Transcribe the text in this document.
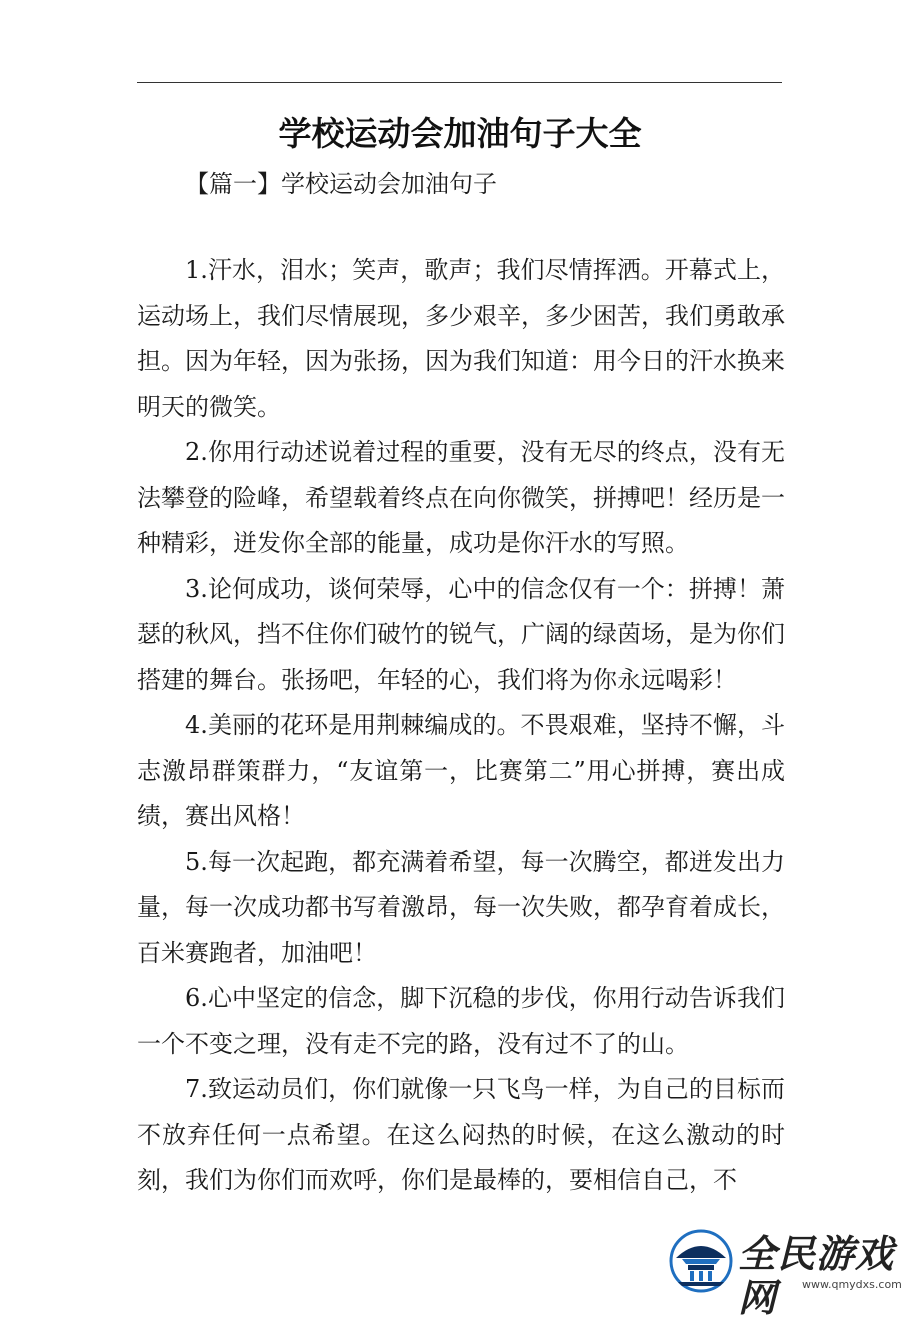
学校运动会加油句子大全

【篇一】学校运动会加油句子

1.汗水，泪水；笑声，歌声；我们尽情挥洒。开幕式上，运动场上，我们尽情展现，多少艰辛，多少困苦，我们勇敢承担。因为年轻，因为张扬，因为我们知道：用今日的汗水换来明天的微笑。

2.你用行动述说着过程的重要，没有无尽的终点，没有无法攀登的险峰，希望载着终点在向你微笑，拼搏吧！经历是一种精彩，迸发你全部的能量，成功是你汗水的写照。

3.论何成功，谈何荣辱，心中的信念仅有一个：拼搏！萧瑟的秋风，挡不住你们破竹的锐气，广阔的绿茵场，是为你们搭建的舞台。张扬吧，年轻的心，我们将为你永远喝彩！

4.美丽的花环是用荆棘编成的。不畏艰难，坚持不懈，斗志激昂群策群力，“友谊第一，比赛第二”用心拼搏，赛出成绩，赛出风格！

5.每一次起跑，都充满着希望，每一次腾空，都迸发出力量，每一次成功都书写着激昂，每一次失败，都孕育着成长，百米赛跑者，加油吧！

6.心中坚定的信念，脚下沉稳的步伐，你用行动告诉我们一个不变之理，没有走不完的路，没有过不了的山。

7.致运动员们，你们就像一只飞鸟一样，为自己的目标而不放弃任何一点希望。在这么闷热的时候，在这么激动的时刻，我们为你们而欢呼，你们是最棒的，要相信自己，不

全民游戏网	www.qmydxs.com
